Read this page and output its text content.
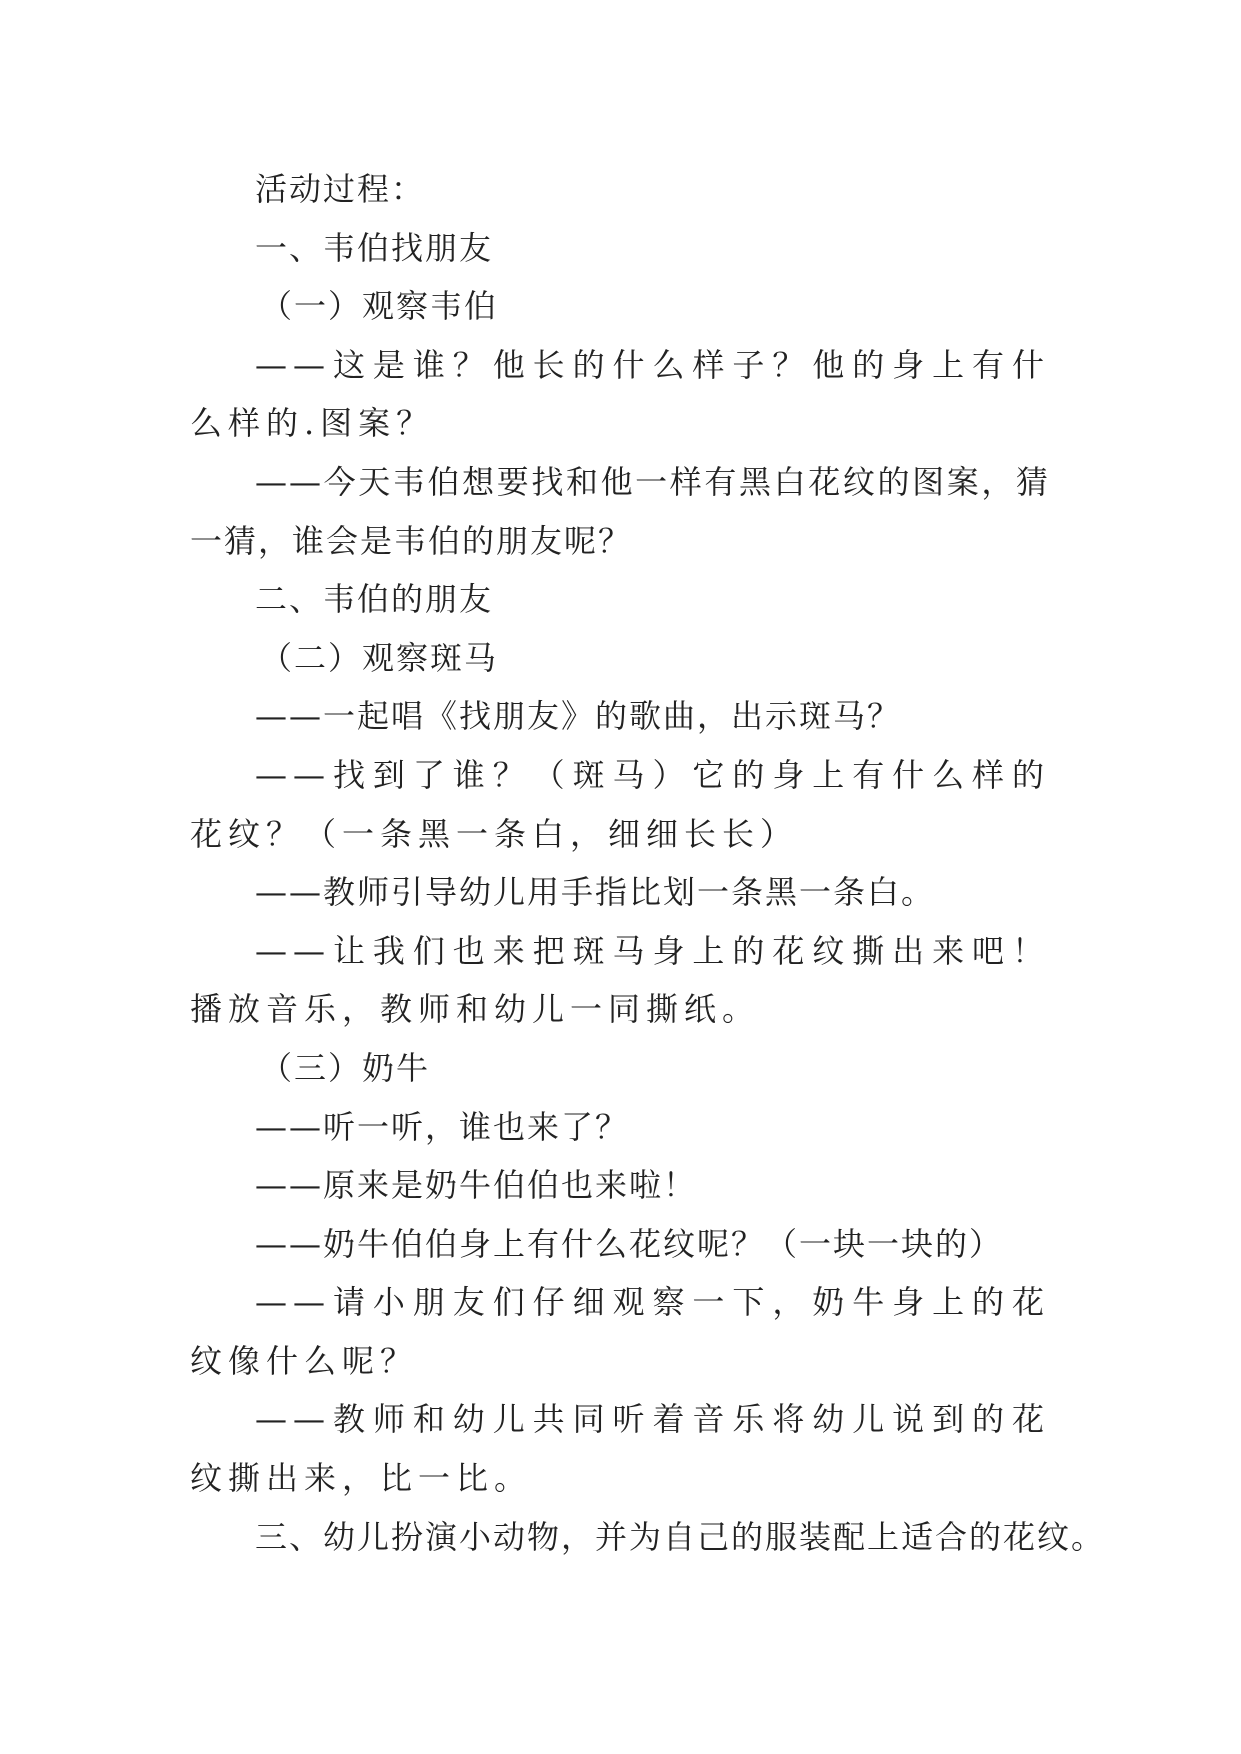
活动过程：
一、韦伯找朋友
（一）观察韦伯
——这是谁？他长的什么样子？他的身上有什么样的.图案？
——今天韦伯想要找和他一样有黑白花纹的图案，猜一猜，谁会是韦伯的朋友呢？
二、韦伯的朋友
（二）观察斑马
——一起唱《找朋友》的歌曲，出示斑马？
——找到了谁？（斑马）它的身上有什么样的花纹？（一条黑一条白，细细长长）
——教师引导幼儿用手指比划一条黑一条白。
——让我们也来把斑马身上的花纹撕出来吧！播放音乐，教师和幼儿一同撕纸。
（三）奶牛
——听一听，谁也来了？
——原来是奶牛伯伯也来啦！
——奶牛伯伯身上有什么花纹呢？（一块一块的）
——请小朋友们仔细观察一下，奶牛身上的花纹像什么呢？
——教师和幼儿共同听着音乐将幼儿说到的花纹撕出来，比一比。
三、幼儿扮演小动物，并为自己的服装配上适合的花纹。
